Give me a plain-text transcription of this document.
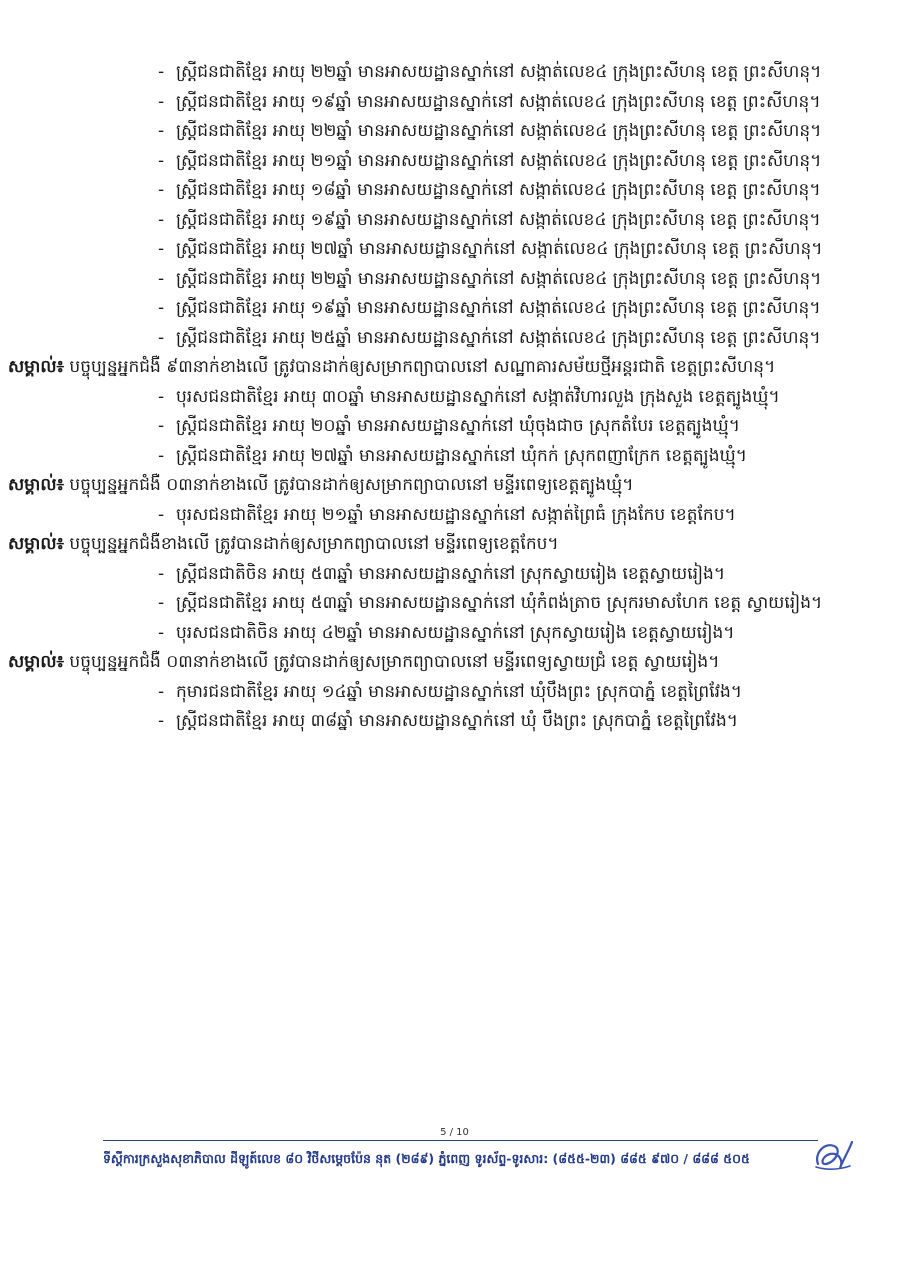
- ស្ត្រីជនជាតិខ្មែរ អាយុ ២២ឆ្នាំ មានអាសយដ្ឋានស្នាក់នៅ សង្កាត់លេខ៤ ក្រុងព្រះសីហនុ ខេត្ត ព្រះសីហនុ។
- ស្ត្រីជនជាតិខ្មែរ អាយុ ១៩ឆ្នាំ មានអាសយដ្ឋានស្នាក់នៅ សង្កាត់លេខ៤ ក្រុងព្រះសីហនុ ខេត្ត ព្រះសីហនុ។
- ស្ត្រីជនជាតិខ្មែរ អាយុ ២២ឆ្នាំ មានអាសយដ្ឋានស្នាក់នៅ សង្កាត់លេខ៤ ក្រុងព្រះសីហនុ ខេត្ត ព្រះសីហនុ។
- ស្ត្រីជនជាតិខ្មែរ អាយុ ២១ឆ្នាំ មានអាសយដ្ឋានស្នាក់នៅ សង្កាត់លេខ៤ ក្រុងព្រះសីហនុ ខេត្ត ព្រះសីហនុ។
- ស្ត្រីជនជាតិខ្មែរ អាយុ ១៨ឆ្នាំ មានអាសយដ្ឋានស្នាក់នៅ សង្កាត់លេខ៤ ក្រុងព្រះសីហនុ ខេត្ត ព្រះសីហនុ។
- ស្ត្រីជនជាតិខ្មែរ អាយុ ១៩ឆ្នាំ មានអាសយដ្ឋានស្នាក់នៅ សង្កាត់លេខ៤ ក្រុងព្រះសីហនុ ខេត្ត ព្រះសីហនុ។
- ស្ត្រីជនជាតិខ្មែរ អាយុ ២៧ឆ្នាំ មានអាសយដ្ឋានស្នាក់នៅ សង្កាត់លេខ៤ ក្រុងព្រះសីហនុ ខេត្ត ព្រះសីហនុ។
- ស្ត្រីជនជាតិខ្មែរ អាយុ ២២ឆ្នាំ មានអាសយដ្ឋានស្នាក់នៅ សង្កាត់លេខ៤ ក្រុងព្រះសីហនុ ខេត្ត ព្រះសីហនុ។
- ស្ត្រីជនជាតិខ្មែរ អាយុ ១៩ឆ្នាំ មានអាសយដ្ឋានស្នាក់នៅ សង្កាត់លេខ៤ ក្រុងព្រះសីហនុ ខេត្ត ព្រះសីហនុ។
- ស្ត្រីជនជាតិខ្មែរ អាយុ ២៥ឆ្នាំ មានអាសយដ្ឋានស្នាក់នៅ សង្កាត់លេខ៤ ក្រុងព្រះសីហនុ ខេត្ត ព្រះសីហនុ។
សម្គាល់៖ បច្ចុប្បន្នអ្នកជំងឺ ៩៣នាក់ខាងលើ ត្រូវបានដាក់ឲ្យសម្រាកព្យាបាលនៅ សណ្ឋាគារសម័យថ្មីអន្តរជាតិ ខេត្តព្រះសីហនុ។
- បុរសជនជាតិខ្មែរ អាយុ ៣០ឆ្នាំ មានអាសយដ្ឋានស្នាក់នៅ សង្កាត់វិហារលួង ក្រុងសួង ខេត្តត្បូងឃ្មុំ។
- ស្ត្រីជនជាតិខ្មែរ អាយុ ២០ឆ្នាំ មានអាសយដ្ឋានស្នាក់នៅ ឃុំចុងជាច ស្រុកតំបែរ ខេត្តត្បូងឃ្មុំ។
- ស្ត្រីជនជាតិខ្មែរ អាយុ ២៧ឆ្នាំ មានអាសយដ្ឋានស្នាក់នៅ ឃុំកក់ ស្រុកពញាក្រែក ខេត្តត្បូងឃ្មុំ។
សម្គាល់៖ បច្ចុប្បន្នអ្នកជំងឺ ០៣នាក់ខាងលើ ត្រូវបានដាក់ឲ្យសម្រាកព្យាបាលនៅ មន្ទីរពេទ្យខេត្តត្បូងឃ្មុំ។
- បុរសជនជាតិខ្មែរ អាយុ ២១ឆ្នាំ មានអាសយដ្ឋានស្នាក់នៅ សង្កាត់ព្រៃធំ ក្រុងកែប ខេត្តកែប។
សម្គាល់៖ បច្ចុប្បន្នអ្នកជំងឺខាងលើ ត្រូវបានដាក់ឲ្យសម្រាកព្យាបាលនៅ មន្ទីរពេទ្យខេត្តកែប។
- ស្ត្រីជនជាតិចិន អាយុ ៥៣ឆ្នាំ មានអាសយដ្ឋានស្នាក់នៅ ស្រុកស្វាយរៀង ខេត្តស្វាយរៀង។
- ស្ត្រីជនជាតិខ្មែរ អាយុ ៥៣ឆ្នាំ មានអាសយដ្ឋានស្នាក់នៅ ឃុំកំពង់ត្រាច ស្រុករមាសហែក ខេត្ត ស្វាយរៀង។
- បុរសជនជាតិចិន អាយុ ៤២ឆ្នាំ មានអាសយដ្ឋានស្នាក់នៅ ស្រុកស្វាយរៀង ខេត្តស្វាយរៀង។
សម្គាល់៖ បច្ចុប្បន្នអ្នកជំងឺ ០៣នាក់ខាងលើ ត្រូវបានដាក់ឲ្យសម្រាកព្យាបាលនៅ មន្ទីរពេទ្យស្វាយជ្រំ ខេត្ត ស្វាយរៀង។
- កុមារជនជាតិខ្មែរ អាយុ ១៤ឆ្នាំ មានអាសយដ្ឋានស្នាក់នៅ ឃុំបឹងព្រះ ស្រុកបាភ្នំ ខេត្តព្រៃវែង។
- ស្ត្រីជនជាតិខ្មែរ អាយុ ៣៨ឆ្នាំ មានអាសយដ្ឋានស្នាក់នៅ ឃុំ បឹងព្រះ ស្រុកបាភ្នំ ខេត្តព្រៃវែង។
5 / 10
ទីស្តីការក្រសួងសុខាភិបាល ដីឡូត៍លេខ ៨០ វិថីសម្ដេចប៉ែន នុត (២៨៩) ភ្នំពេញ ទូរស័ព្ទ-ទូរសារ: (៨៥៥-២៣) ៨៨៥ ៩៧០ / ៨៨៨ ៥០៥
